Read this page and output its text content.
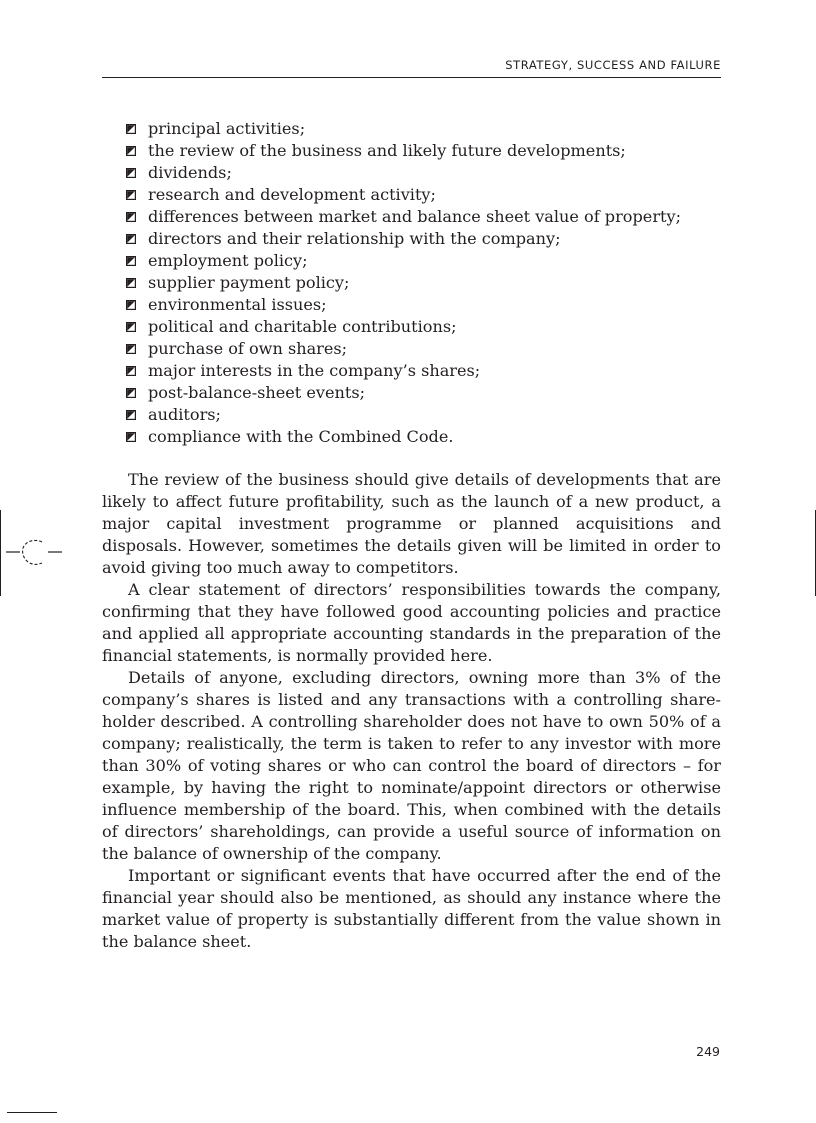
STRATEGY, SUCCESS AND FAILURE
principal activities;
the review of the business and likely future developments;
dividends;
research and development activity;
differences between market and balance sheet value of property;
directors and their relationship with the company;
employment policy;
supplier payment policy;
environmental issues;
political and charitable contributions;
purchase of own shares;
major interests in the company’s shares;
post-balance-sheet events;
auditors;
compliance with the Combined Code.

The review of the business should give details of developments that are likely to affect future profitability, such as the launch of a new product, a major capital investment programme or planned acquisitions and disposals. However, sometimes the details given will be limited in order to avoid giving too much away to competitors.

A clear statement of directors’ responsibilities towards the company, confirming that they have followed good accounting policies and practice and applied all appropriate accounting standards in the preparation of the financial statements, is normally provided here.

Details of anyone, excluding directors, owning more than 3% of the company’s shares is listed and any transactions with a controlling shareholder described. A controlling shareholder does not have to own 50% of a company; realistically, the term is taken to refer to any investor with more than 30% of voting shares or who can control the board of directors – for example, by having the right to nominate/appoint directors or otherwise influence membership of the board. This, when combined with the details of directors’ shareholdings, can provide a useful source of information on the balance of ownership of the company.

Important or significant events that have occurred after the end of the financial year should also be mentioned, as should any instance where the market value of property is substantially different from the value shown in the balance sheet.

249
